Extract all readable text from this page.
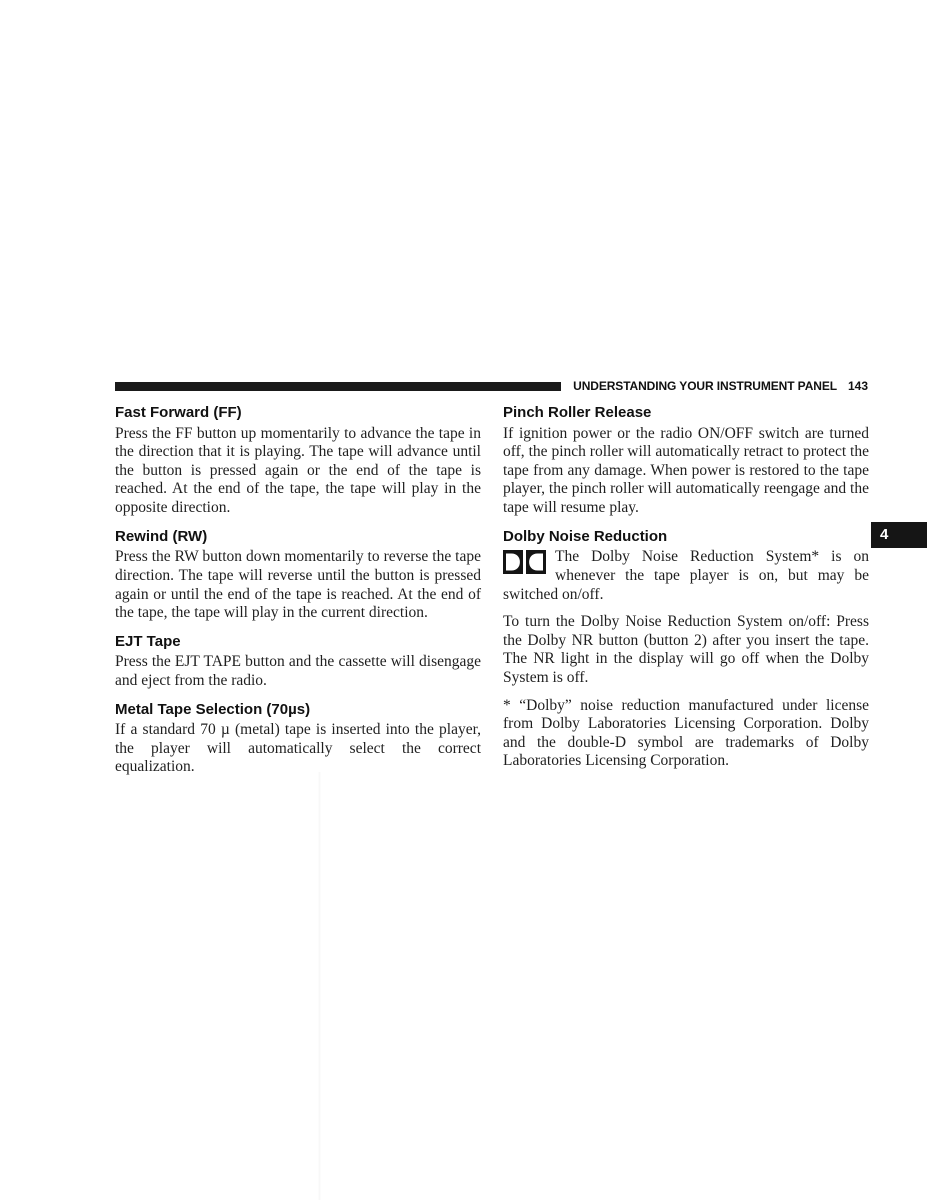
UNDERSTANDING YOUR INSTRUMENT PANEL 143
4
Fast Forward (FF)

Press the FF button up momentarily to advance the tape in the direction that it is playing. The tape will advance until the button is pressed again or the end of the tape is reached. At the end of the tape, the tape will play in the opposite direction.

Rewind (RW)

Press the RW button down momentarily to reverse the tape direction. The tape will reverse until the button is pressed again or until the end of the tape is reached. At the end of the tape, the tape will play in the current direction.

EJT Tape

Press the EJT TAPE button and the cassette will disengage and eject from the radio.

Metal Tape Selection (70µs)

If a standard 70 µ (metal) tape is inserted into the player, the player will automatically select the correct equalization.

Pinch Roller Release

If ignition power or the radio ON/OFF switch are turned off, the pinch roller will automatically retract to protect the tape from any damage. When power is restored to the tape player, the pinch roller will automatically reengage and the tape will resume play.

Dolby Noise Reduction

The Dolby Noise Reduction System* is on whenever the tape player is on, but may be switched on/off.

To turn the Dolby Noise Reduction System on/off: Press the Dolby NR button (button 2) after you insert the tape. The NR light in the display will go off when the Dolby System is off.

* “Dolby” noise reduction manufactured under license from Dolby Laboratories Licensing Corporation. Dolby and the double-D symbol are trademarks of Dolby Laboratories Licensing Corporation.
